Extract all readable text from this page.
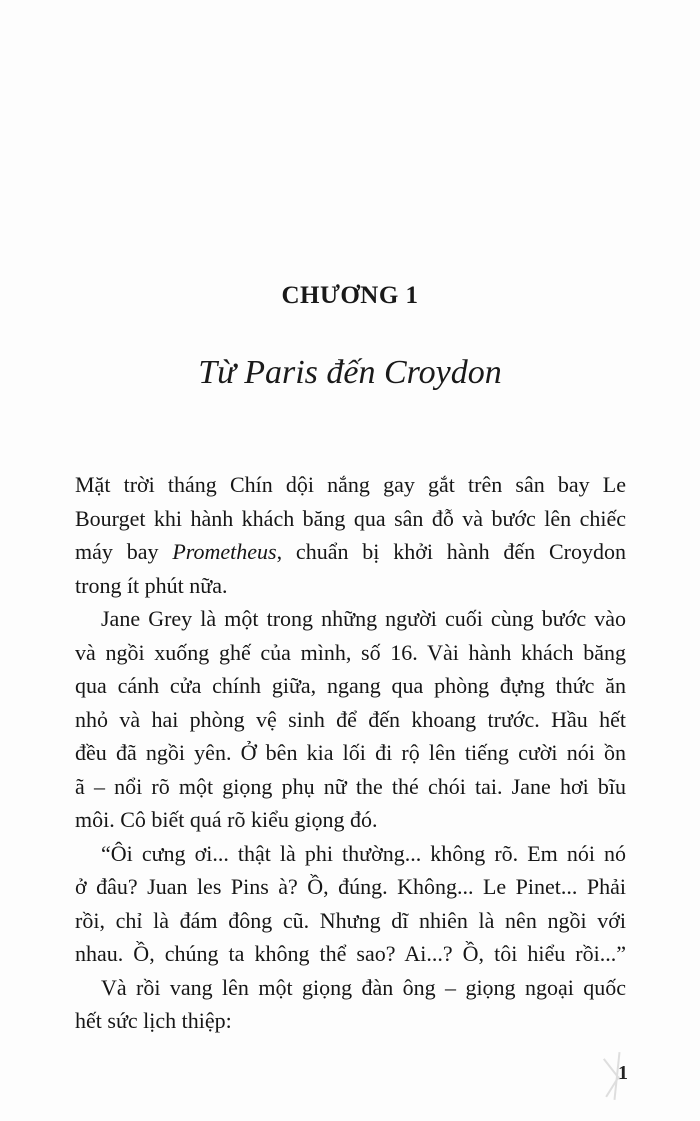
CHƯƠNG 1
Từ Paris đến Croydon
Mặt trời tháng Chín dội nắng gay gắt trên sân bay Le
Bourget khi hành khách băng qua sân đỗ và bước lên chiếc
máy bay Prometheus, chuẩn bị khởi hành đến Croydon
trong ít phút nữa.
Jane Grey là một trong những người cuối cùng bước vào
và ngồi xuống ghế của mình, số 16. Vài hành khách băng
qua cánh cửa chính giữa, ngang qua phòng đựng thức ăn
nhỏ và hai phòng vệ sinh để đến khoang trước. Hầu hết
đều đã ngồi yên. Ở bên kia lối đi rộ lên tiếng cười nói ồn
ã – nổi rõ một giọng phụ nữ the thé chói tai. Jane hơi bĩu
môi. Cô biết quá rõ kiểu giọng đó.
“Ôi cưng ơi... thật là phi thường... không rõ. Em nói nó
ở đâu? Juan les Pins à? Ồ, đúng. Không... Le Pinet... Phải
rồi, chỉ là đám đông cũ. Nhưng dĩ nhiên là nên ngồi với
nhau. Ồ, chúng ta không thể sao? Ai...? Ồ, tôi hiểu rồi...”
Và rồi vang lên một giọng đàn ông – giọng ngoại quốc
hết sức lịch thiệp:
1
